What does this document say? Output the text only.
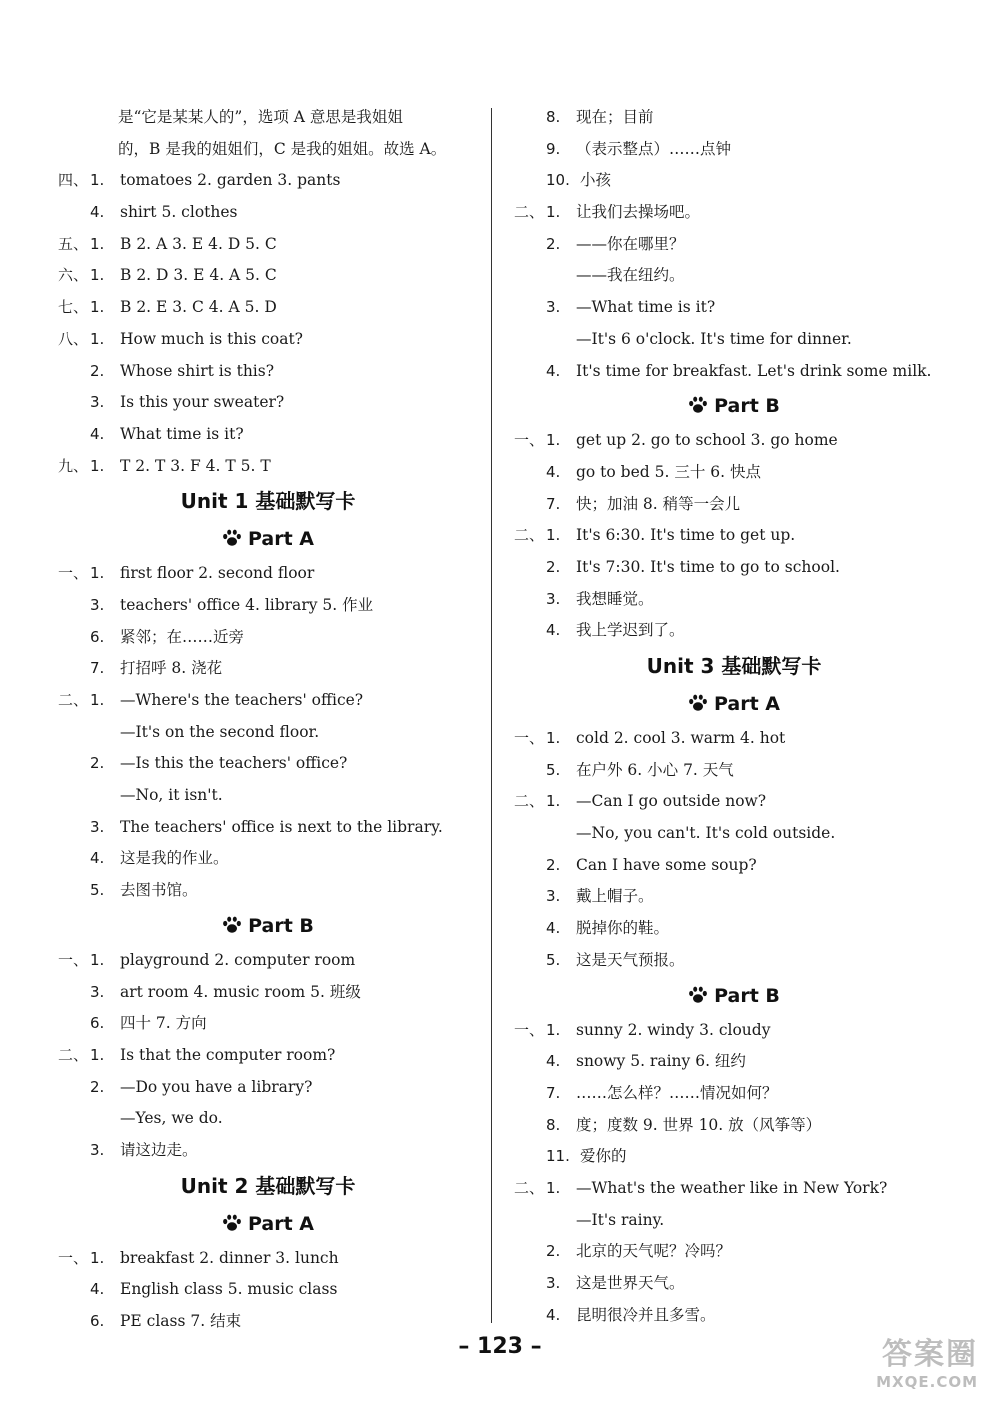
是“它是某某人的”，选项 A 意思是我姐姐
的，B 是我的姐姐们，C 是我的姐姐。故选 A。
四、 1. tomatoes 2. garden 3. pants
4. shirt 5. clothes
五、 1. B 2. A 3. E 4. D 5. C
六、 1. B 2. D 3. E 4. A 5. C
七、 1. B 2. E 3. C 4. A 5. D
八、 1. How much is this coat?
2. Whose shirt is this?
3. Is this your sweater?
4. What time is it?
九、 1. T 2. T 3. F 4. T 5. T
Unit 1 基础默写卡
Part A
一、 1. first floor 2. second floor
3. teachers' office 4. library 5. 作业
6. 紧邻；在……近旁
7. 打招呼 8. 浇花
二、 1. —Where's the teachers' office?
—It's on the second floor.
2. —Is this the teachers' office?
—No, it isn't.
3. The teachers' office is next to the library.
4. 这是我的作业。
5. 去图书馆。
Part B
一、 1. playground 2. computer room
3. art room 4. music room 5. 班级
6. 四十 7. 方向
二、 1. Is that the computer room?
2. —Do you have a library?
—Yes, we do.
3. 请这边走。
Unit 2 基础默写卡
Part A
一、 1. breakfast 2. dinner 3. lunch
4. English class 5. music class
6. PE class 7. 结束
8. 现在；目前
9. （表示整点）……点钟
10. 小孩
二、 1. 让我们去操场吧。
2. ——你在哪里？
——我在纽约。
3. —What time is it?
—It's 6 o'clock. It's time for dinner.
4. It's time for breakfast. Let's drink some milk.
Part B
一、 1. get up 2. go to school 3. go home
4. go to bed 5. 三十 6. 快点
7. 快；加油 8. 稍等一会儿
二、 1. It's 6:30. It's time to get up.
2. It's 7:30. It's time to go to school.
3. 我想睡觉。
4. 我上学迟到了。
Unit 3 基础默写卡
Part A
一、 1. cold 2. cool 3. warm 4. hot
5. 在户外 6. 小心 7. 天气
二、 1. —Can I go outside now?
—No, you can't. It's cold outside.
2. Can I have some soup?
3. 戴上帽子。
4. 脱掉你的鞋。
5. 这是天气预报。
Part B
一、 1. sunny 2. windy 3. cloudy
4. snowy 5. rainy 6. 纽约
7. ……怎么样？……情况如何？
8. 度；度数 9. 世界 10. 放（风筝等）
11. 爱你的
二、 1. —What's the weather like in New York?
—It's rainy.
2. 北京的天气呢？冷吗？
3. 这是世界天气。
4. 昆明很冷并且多雪。
– 123 –	答案圈
MXQE.COM
